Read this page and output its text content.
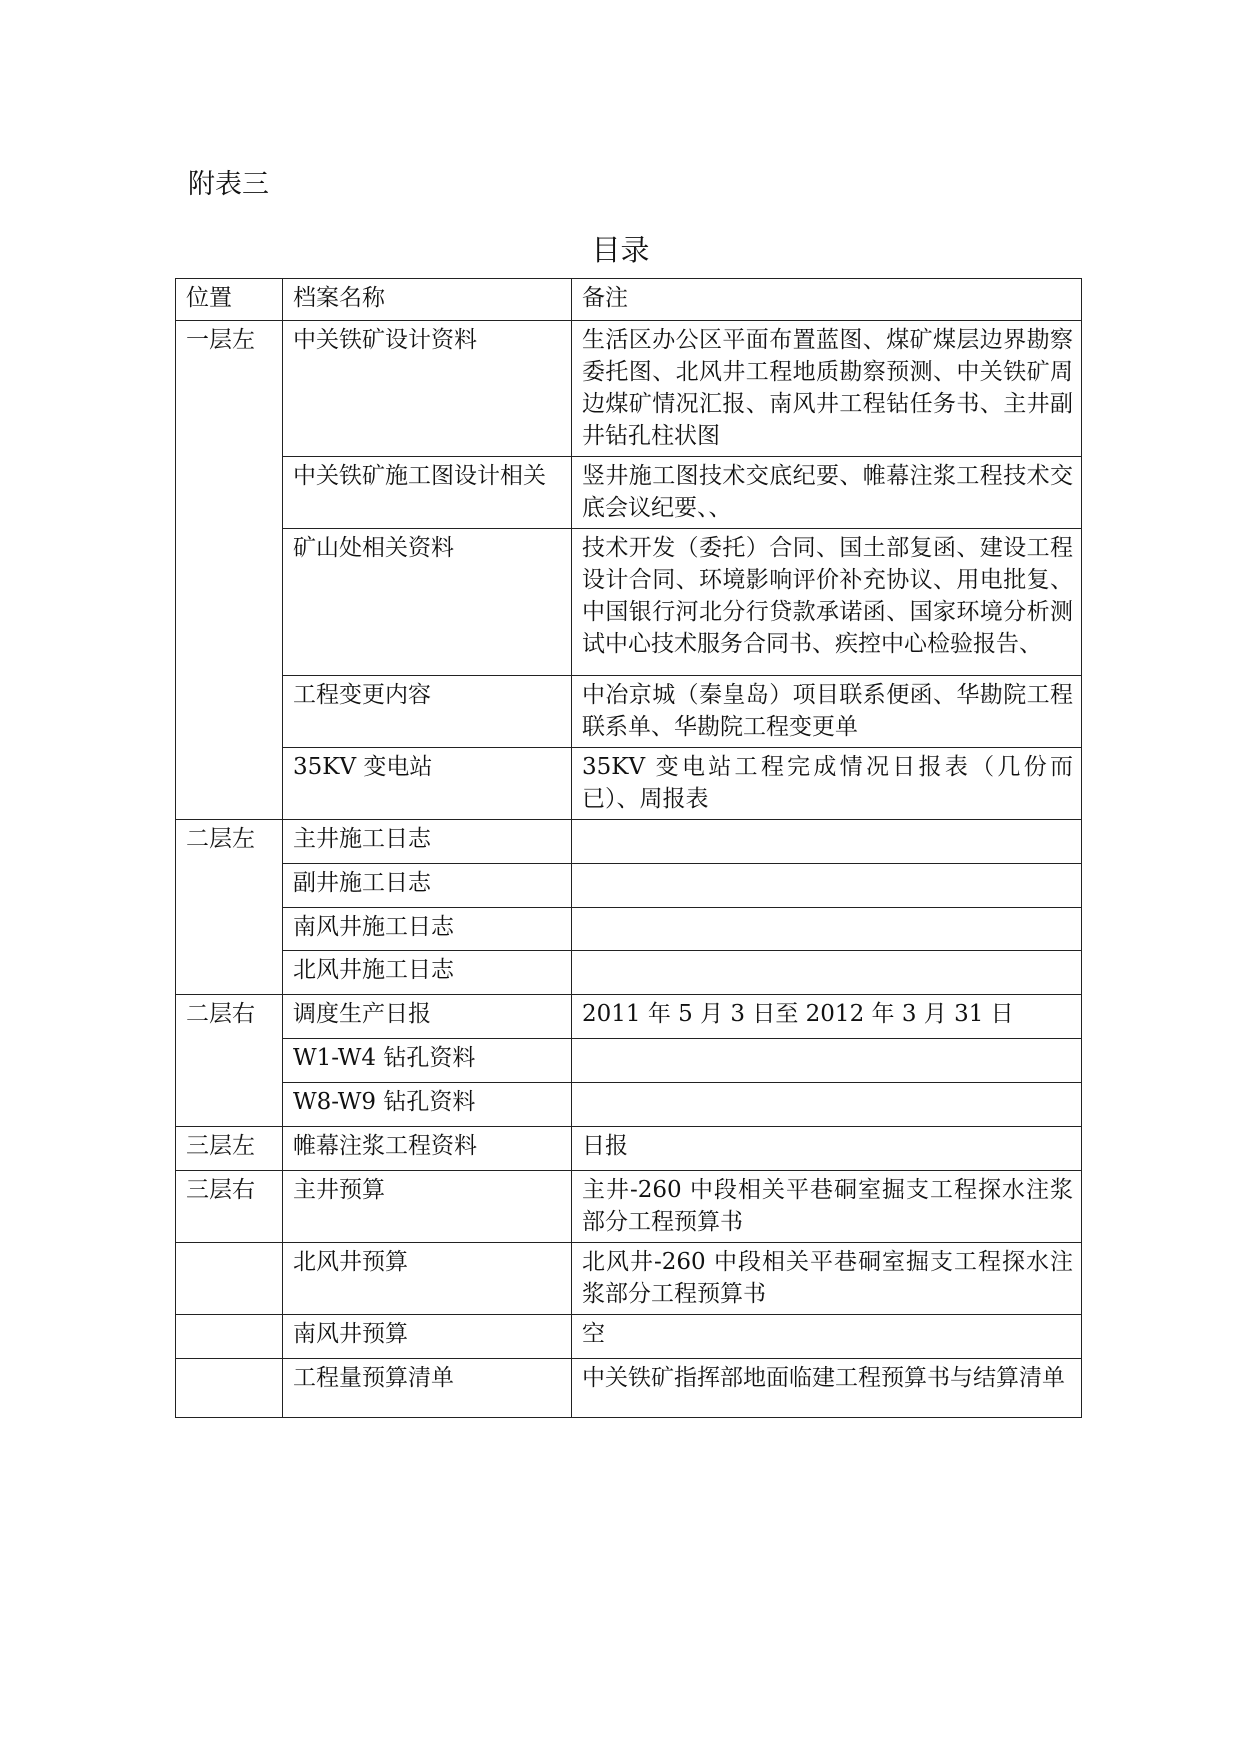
附表三
目录
位置	档案名称	备注
一层左	中关铁矿设计资料	生活区办公区平面布置蓝图、煤矿煤层边界勘察委托图、北风井工程地质勘察预测、中关铁矿周边煤矿情况汇报、南风井工程钻任务书、主井副井钻孔柱状图
	中关铁矿施工图设计相关	竖井施工图技术交底纪要、帷幕注浆工程技术交底会议纪要、、
	矿山处相关资料	技术开发（委托）合同、国土部复函、建设工程设计合同、环境影响评价补充协议、用电批复、中国银行河北分行贷款承诺函、国家环境分析测试中心技术服务合同书、疾控中心检验报告、
	工程变更内容	中冶京城（秦皇岛）项目联系便函、华勘院工程联系单、华勘院工程变更单
	35KV 变电站	35KV 变电站工程完成情况日报表（几份而已）、周报表
二层左	主井施工日志	
	副井施工日志	
	南风井施工日志	
	北风井施工日志	
二层右	调度生产日报	2011 年 5 月 3 日至 2012 年 3 月 31 日
	W1-W4 钻孔资料	
	W8-W9 钻孔资料	
三层左	帷幕注浆工程资料	日报
三层右	主井预算	主井-260 中段相关平巷硐室掘支工程探水注浆部分工程预算书
	北风井预算	北风井-260 中段相关平巷硐室掘支工程探水注浆部分工程预算书
	南风井预算	空
	工程量预算清单	中关铁矿指挥部地面临建工程预算书与结算清单
